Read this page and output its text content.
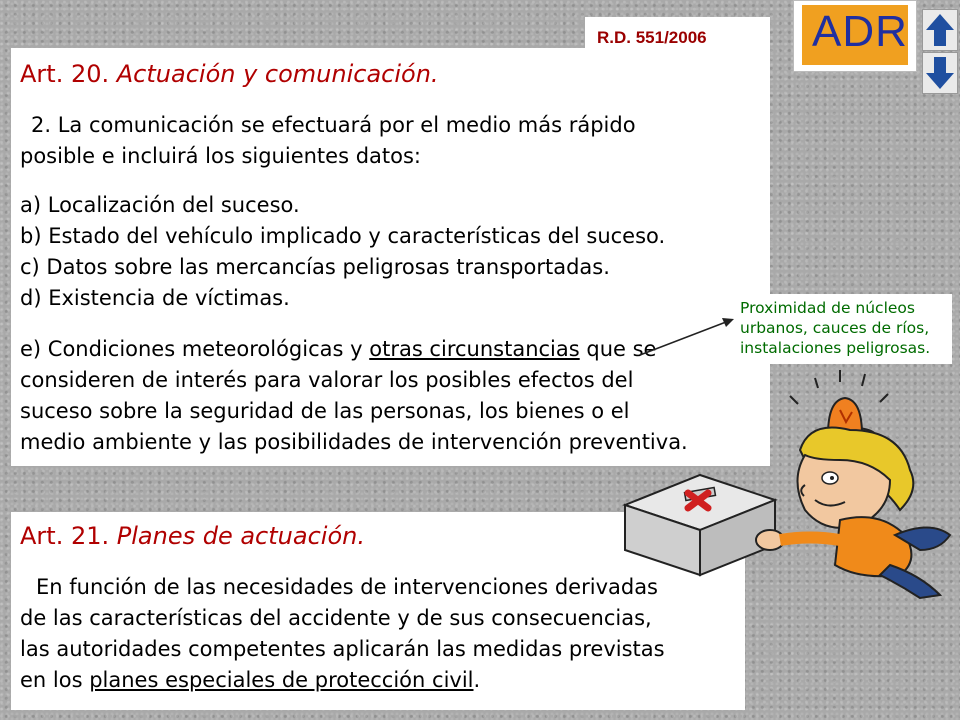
R.D. 551/2006 ADR
Art. 20. Actuación y comunicación.
2. La comunicación se efectuará por el medio más rápido
posible e incluirá los siguientes datos:
a) Localización del suceso.
b) Estado del vehículo implicado y características del suceso.
c) Datos sobre las mercancías peligrosas transportadas.
d) Existencia de víctimas.
e) Condiciones meteorológicas y otras circunstancias que se
consideren de interés para valorar los posibles efectos del
suceso sobre la seguridad de las personas, los bienes o el
medio ambiente y las posibilidades de intervención preventiva.
Proximidad de núcleos
urbanos, cauces de ríos,
instalaciones peligrosas.
Art. 21. Planes de actuación.
En función de las necesidades de intervenciones derivadas
de las características del accidente y de sus consecuencias,
las autoridades competentes aplicarán las medidas previstas
en los planes especiales de protección civil.
